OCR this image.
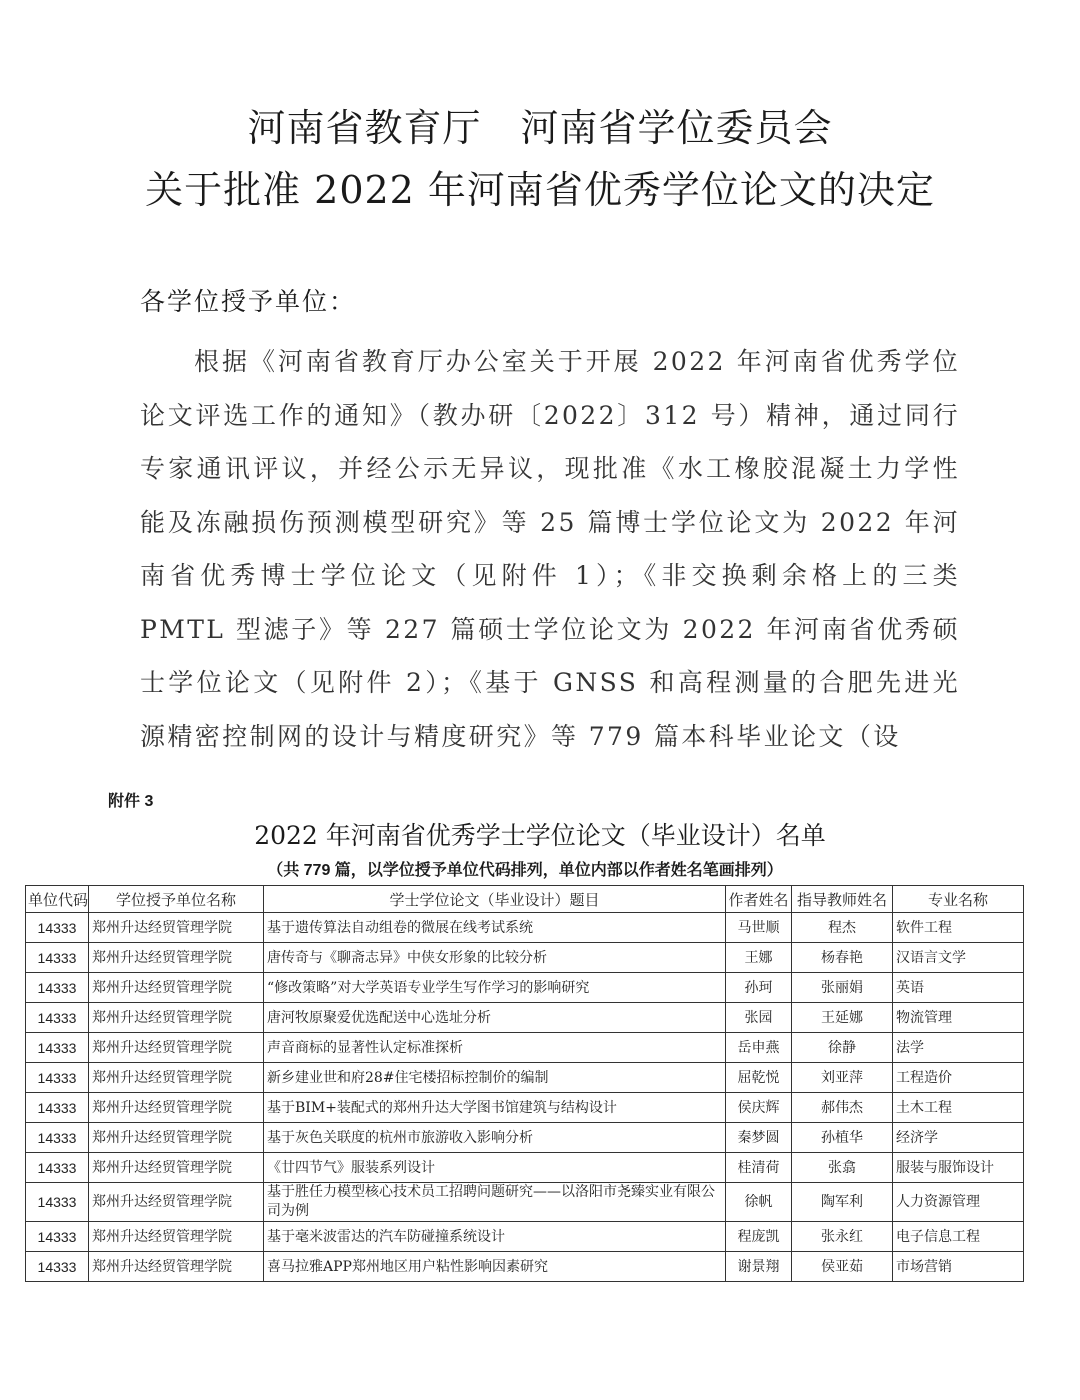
河南省教育厅　河南省学位委员会
关于批准 2022 年河南省优秀学位论文的决定
各学位授予单位：
根据《河南省教育厅办公室关于开展 2022 年河南省优秀学位论文评选工作的通知》（教办研〔2022〕312 号）精神，通过同行专家通讯评议，并经公示无异议，现批准《水工橡胶混凝土力学性能及冻融损伤预测模型研究》等 25 篇博士学位论文为 2022 年河南省优秀博士学位论文（见附件 1）；《非交换剩余格上的三类 PMTL 型滤子》等 227 篇硕士学位论文为 2022 年河南省优秀硕士学位论文（见附件 2）；《基于 GNSS 和高程测量的合肥先进光源精密控制网的设计与精度研究》等 779 篇本科毕业论文（设
附件 3
2022 年河南省优秀学士学位论文（毕业设计）名单
（共 779 篇，以学位授予单位代码排列，单位内部以作者姓名笔画排列）
单位代码	学位授予单位名称	学士学位论文（毕业设计）题目	作者姓名	指导教师姓名	专业名称
14333	郑州升达经贸管理学院	基于遗传算法自动组卷的微展在线考试系统	马世顺	程杰	软件工程
14333	郑州升达经贸管理学院	唐传奇与《聊斋志异》中侠女形象的比较分析	王娜	杨春艳	汉语言文学
14333	郑州升达经贸管理学院	“修改策略”对大学英语专业学生写作学习的影响研究	孙珂	张丽娟	英语
14333	郑州升达经贸管理学院	唐河牧原聚爱优选配送中心选址分析	张园	王延娜	物流管理
14333	郑州升达经贸管理学院	声音商标的显著性认定标准探析	岳申燕	徐静	法学
14333	郑州升达经贸管理学院	新乡建业世和府28#住宅楼招标控制价的编制	屈乾悦	刘亚萍	工程造价
14333	郑州升达经贸管理学院	基于BIM+装配式的郑州升达大学图书馆建筑与结构设计	侯庆辉	郝伟杰	土木工程
14333	郑州升达经贸管理学院	基于灰色关联度的杭州市旅游收入影响分析	秦梦圆	孙植华	经济学
14333	郑州升达经贸管理学院	《廿四节气》服装系列设计	桂清荷	张翕	服装与服饰设计
14333	郑州升达经贸管理学院	基于胜任力模型核心技术员工招聘问题研究——以洛阳市尧臻实业有限公司为例	徐帆	陶军利	人力资源管理
14333	郑州升达经贸管理学院	基于毫米波雷达的汽车防碰撞系统设计	程庞凯	张永红	电子信息工程
14333	郑州升达经贸管理学院	喜马拉雅APP郑州地区用户粘性影响因素研究	谢景翔	侯亚茹	市场营销
